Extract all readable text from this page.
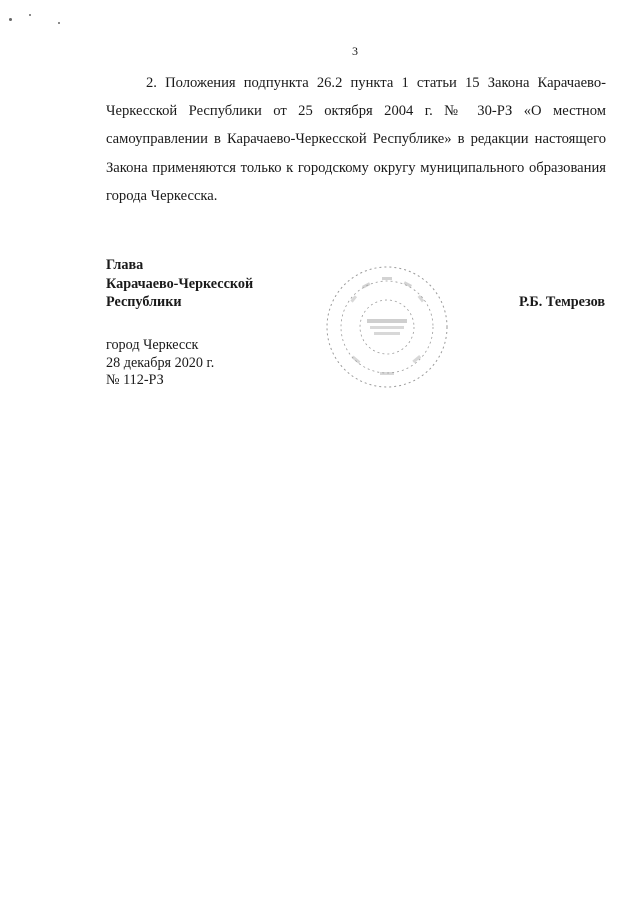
3

2. Положения подпункта 26.2 пункта 1 статьи 15 Закона Карачаево-Черкесской Республики от 25 октября 2004 г. № 30-РЗ «О местном самоуправлении в Карачаево-Черкесской Республике» в редакции настоящего Закона применяются только к городскому округу муниципального образования города Черкесска.

Глава
Карачаево-Черкесской
Республики	Р.Б. Темрезов
город Черкесск
28 декабря 2020 г.
№ 112-РЗ
